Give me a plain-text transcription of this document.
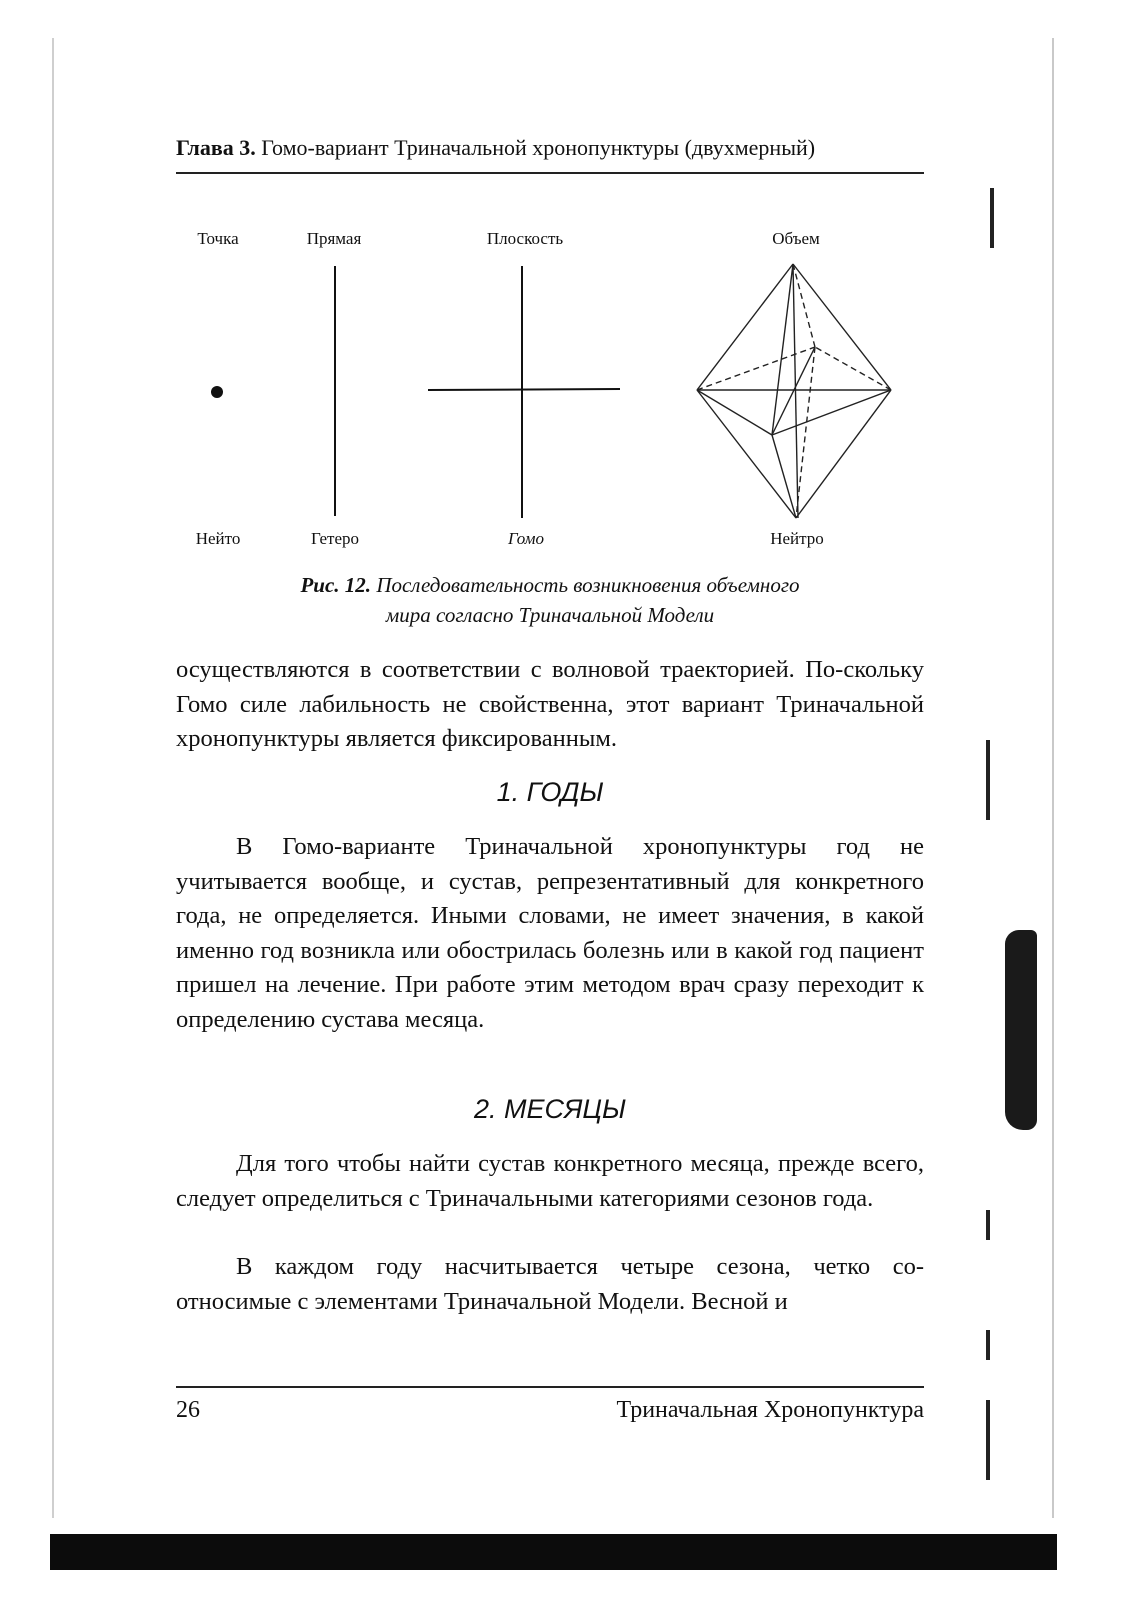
Глава 3. Гомо-вариант Триначальной хронопунктуры (двухмерный)
Точка	Прямая	Плоскость	Объем
Нейто	Гетеро	Гомо	Нейтро
Рис. 12. Последовательность возникновения объемного
мира согласно Триначальной Модели
осуществляются в соответствии с волновой траекторией. По-скольку Гомо силе лабильность не свойственна, этот вариант Триначальной хронопунктуры является фиксированным.
1. ГОДЫ
В Гомо-варианте Триначальной хронопунктуры год не учитывается вообще, и сустав, репрезентативный для конкретного года, не определяется. Иными словами, не имеет значения, в какой именно год возникла или обострилась болезнь или в какой год пациент пришел на лечение. При работе этим методом врач сразу переходит к определению сустава месяца.
2. МЕСЯЦЫ
Для того чтобы найти сустав конкретного месяца, прежде всего, следует определиться с Триначальными категориями сезонов года.
В каждом году насчитывается четыре сезона, четко со-относимые с элементами Триначальной Модели. Весной и
26	Триначальная Хронопунктура
